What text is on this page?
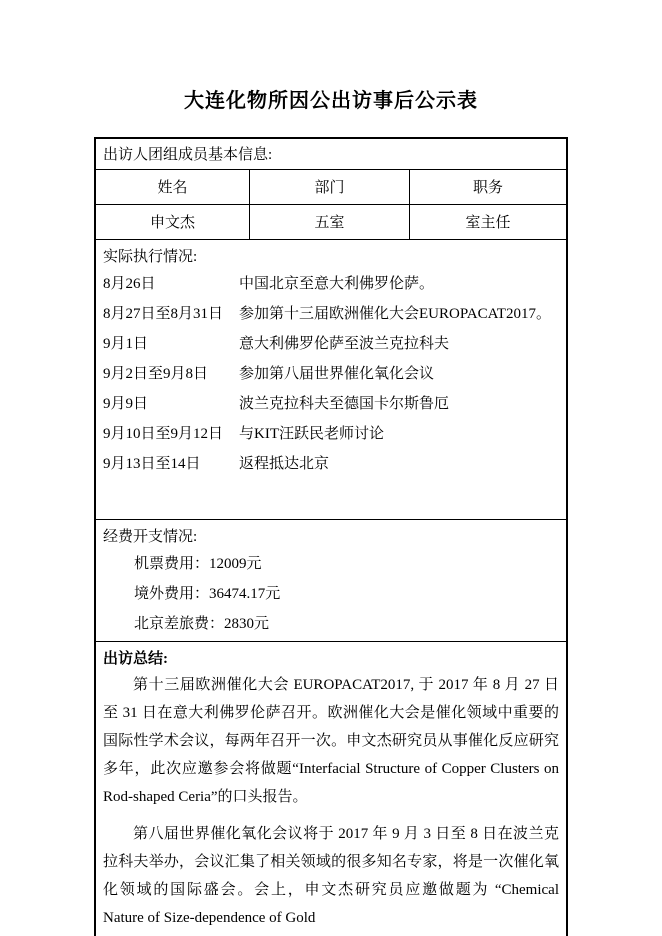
大连化物所因公出访事后公示表
出访人团组成员基本信息:
姓名	部门	职务
申文杰	五室	室主任
实际执行情况:
8月26日	中国北京至意大利佛罗伦萨。
8月27日至8月31日	参加第十三届欧洲催化大会EUROPACAT2017。
9月1日	意大利佛罗伦萨至波兰克拉科夫
9月2日至9月8日	参加第八届世界催化氧化会议
9月9日	波兰克拉科夫至德国卡尔斯鲁厄
9月10日至9月12日	与KIT汪跃民老师讨论
9月13日至14日	返程抵达北京
经费开支情况:
机票费用：12009元
境外费用：36474.17元
北京差旅费：2830元
出访总结:

第十三届欧洲催化大会 EUROPACAT2017, 于 2017 年 8 月 27 日至 31 日在意大利佛罗伦萨召开。欧洲催化大会是催化领域中重要的国际性学术会议，每两年召开一次。申文杰研究员从事催化反应研究多年，此次应邀参会将做题“Interfacial Structure of Copper Clusters on Rod-shaped Ceria”的口头报告。

第八届世界催化氧化会议将于 2017 年 9 月 3 日至 8 日在波兰克拉科夫举办，会议汇集了相关领域的很多知名专家，将是一次催化氧化领域的国际盛会。会上，申文杰研究员应邀做题为 “Chemical Nature of Size-dependence of Gold
